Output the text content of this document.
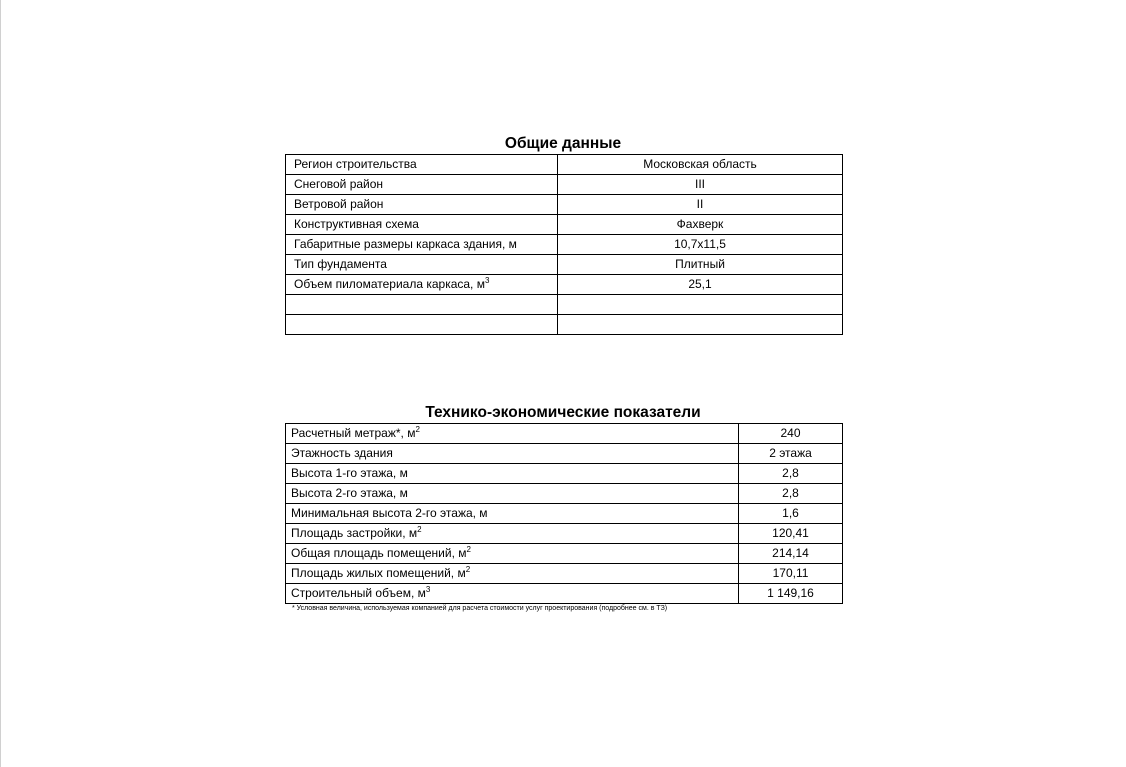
Общие данные
Регион строительства	Московская область
Снеговой район	III
Ветровой район	II
Конструктивная схема	Фахверк
Габаритные размеры каркаса здания, м	10,7x11,5
Тип фундамента	Плитный
Объем пиломатериала каркаса, $м^3$	25,1

Технико-экономические показатели
Расчетный метраж*, $м^2$	240
Этажность здания	2 этажа
Высота 1-го этажа, м	2,8
Высота 2-го этажа, м	2,8
Минимальная высота 2-го этажа, м	1,6
Площадь застройки, $м^2$	120,41
Общая площадь помещений, $м^2$	214,14
Площадь жилых помещений, $м^2$	170,11
Строительный объем, $м^3$	1 149,16
* Условная величина, используемая компанией для расчета стоимости услуг проектирования (подробнее см. в ТЗ)
